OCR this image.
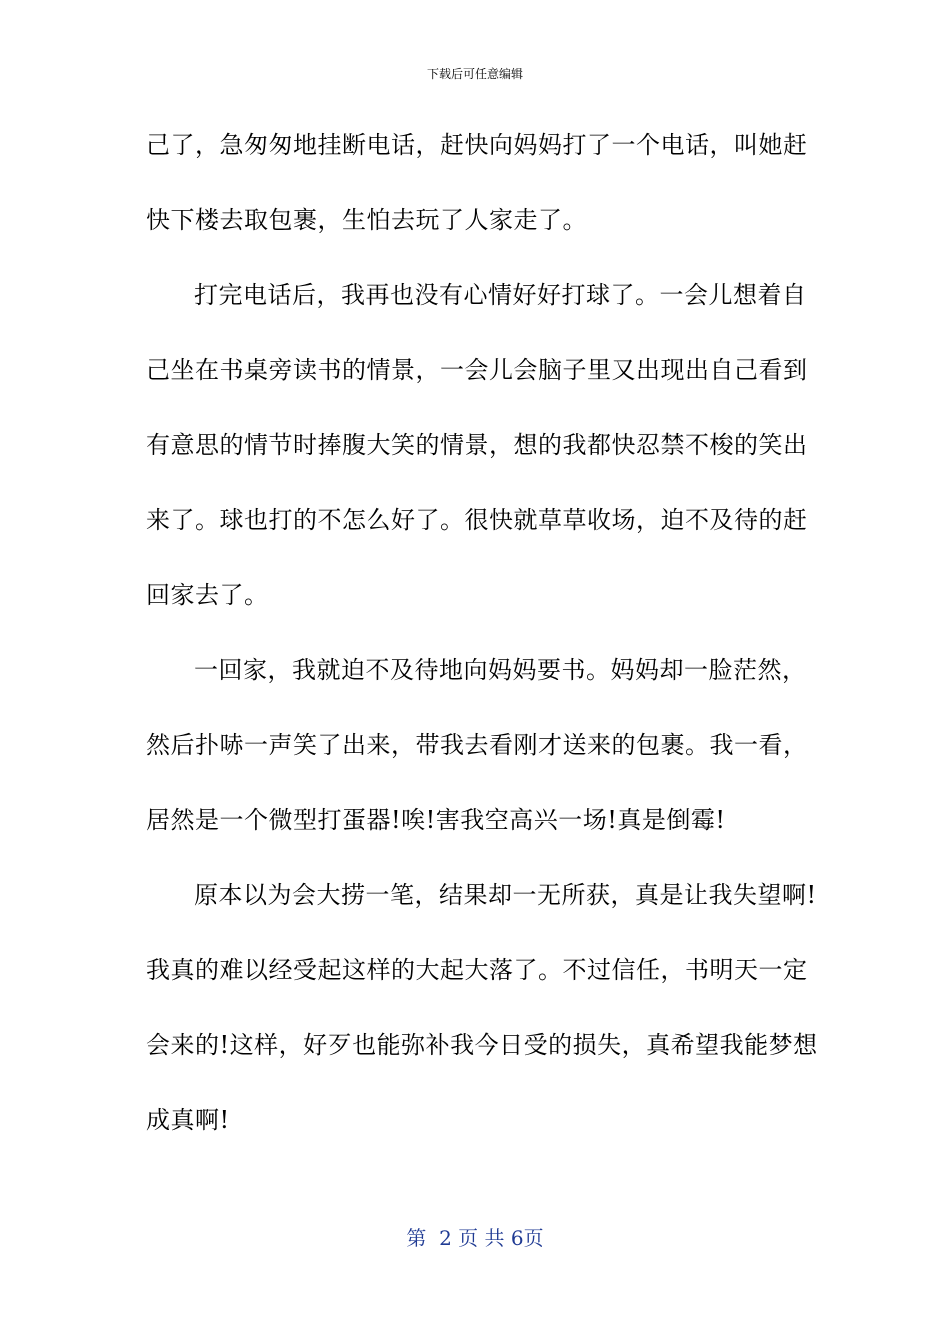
下载后可任意编辑
己了，急匆匆地挂断电话，赶快向妈妈打了一个电话，叫她赶
快下楼去取包裹，生怕去玩了人家走了。
打完电话后，我再也没有心情好好打球了。一会儿想着自
己坐在书桌旁读书的情景，一会儿会脑子里又出现出自己看到
有意思的情节时捧腹大笑的情景，想的我都快忍禁不梭的笑出
来了。球也打的不怎么好了。很快就草草收场，迫不及待的赶
回家去了。
一回家，我就迫不及待地向妈妈要书。妈妈却一脸茫然，
然后扑哧一声笑了出来，带我去看刚才送来的包裹。我一看，
居然是一个微型打蛋器!唉!害我空高兴一场!真是倒霉!
原本以为会大捞一笔，结果却一无所获，真是让我失望啊!
我真的难以经受起这样的大起大落了。不过信任，书明天一定
会来的!这样，好歹也能弥补我今日受的损失，真希望我能梦想
成真啊!
第  2 页 共 6页
